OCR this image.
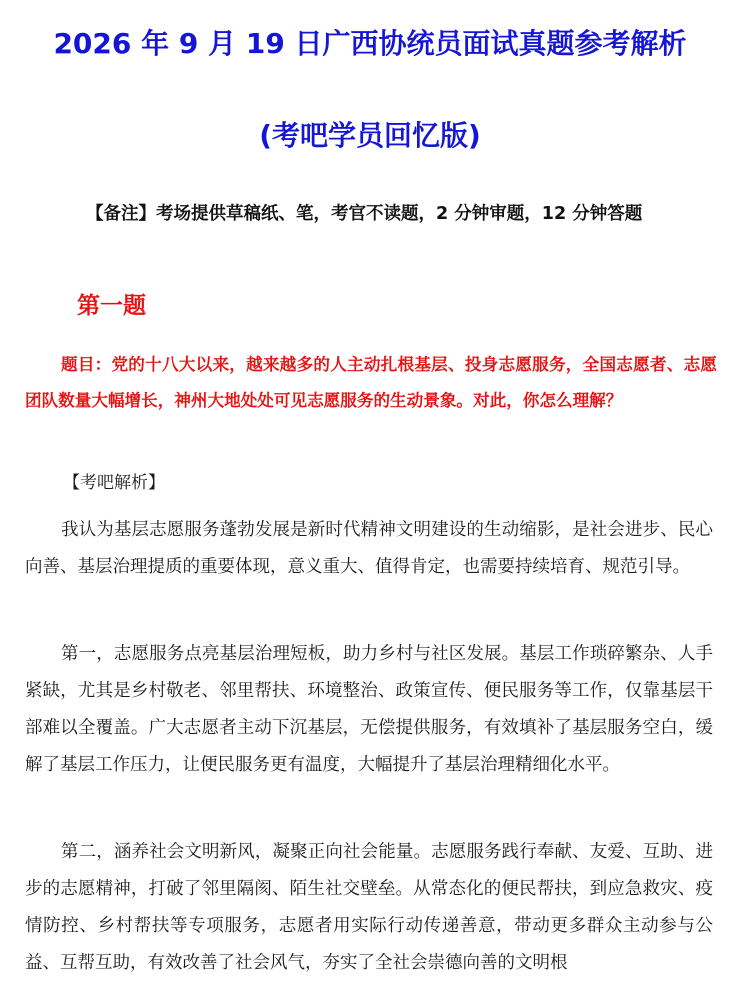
2026 年 9 月 19 日广西协统员面试真题参考解析
(考吧学员回忆版)
【备注】考场提供草稿纸、笔，考官不读题，2 分钟审题，12 分钟答题
第一题
题目：党的十八大以来，越来越多的人主动扎根基层、投身志愿服务，全国志愿者、志愿团队数量大幅增长，神州大地处处可见志愿服务的生动景象。对此，你怎么理解？
【考吧解析】

我认为基层志愿服务蓬勃发展是新时代精神文明建设的生动缩影，是社会进步、民心向善、基层治理提质的重要体现，意义重大、值得肯定，也需要持续培育、规范引导。

第一，志愿服务点亮基层治理短板，助力乡村与社区发展。基层工作琐碎繁杂、人手紧缺，尤其是乡村敬老、邻里帮扶、环境整治、政策宣传、便民服务等工作，仅靠基层干部难以全覆盖。广大志愿者主动下沉基层，无偿提供服务，有效填补了基层服务空白，缓解了基层工作压力，让便民服务更有温度，大幅提升了基层治理精细化水平。

第二，涵养社会文明新风，凝聚正向社会能量。志愿服务践行奉献、友爱、互助、进步的志愿精神，打破了邻里隔阂、陌生社交壁垒。从常态化的便民帮扶，到应急救灾、疫情防控、乡村帮扶等专项服务，志愿者用实际行动传递善意，带动更多群众主动参与公益、互帮互助，有效改善了社会风气，夯实了全社会崇德向善的文明根
